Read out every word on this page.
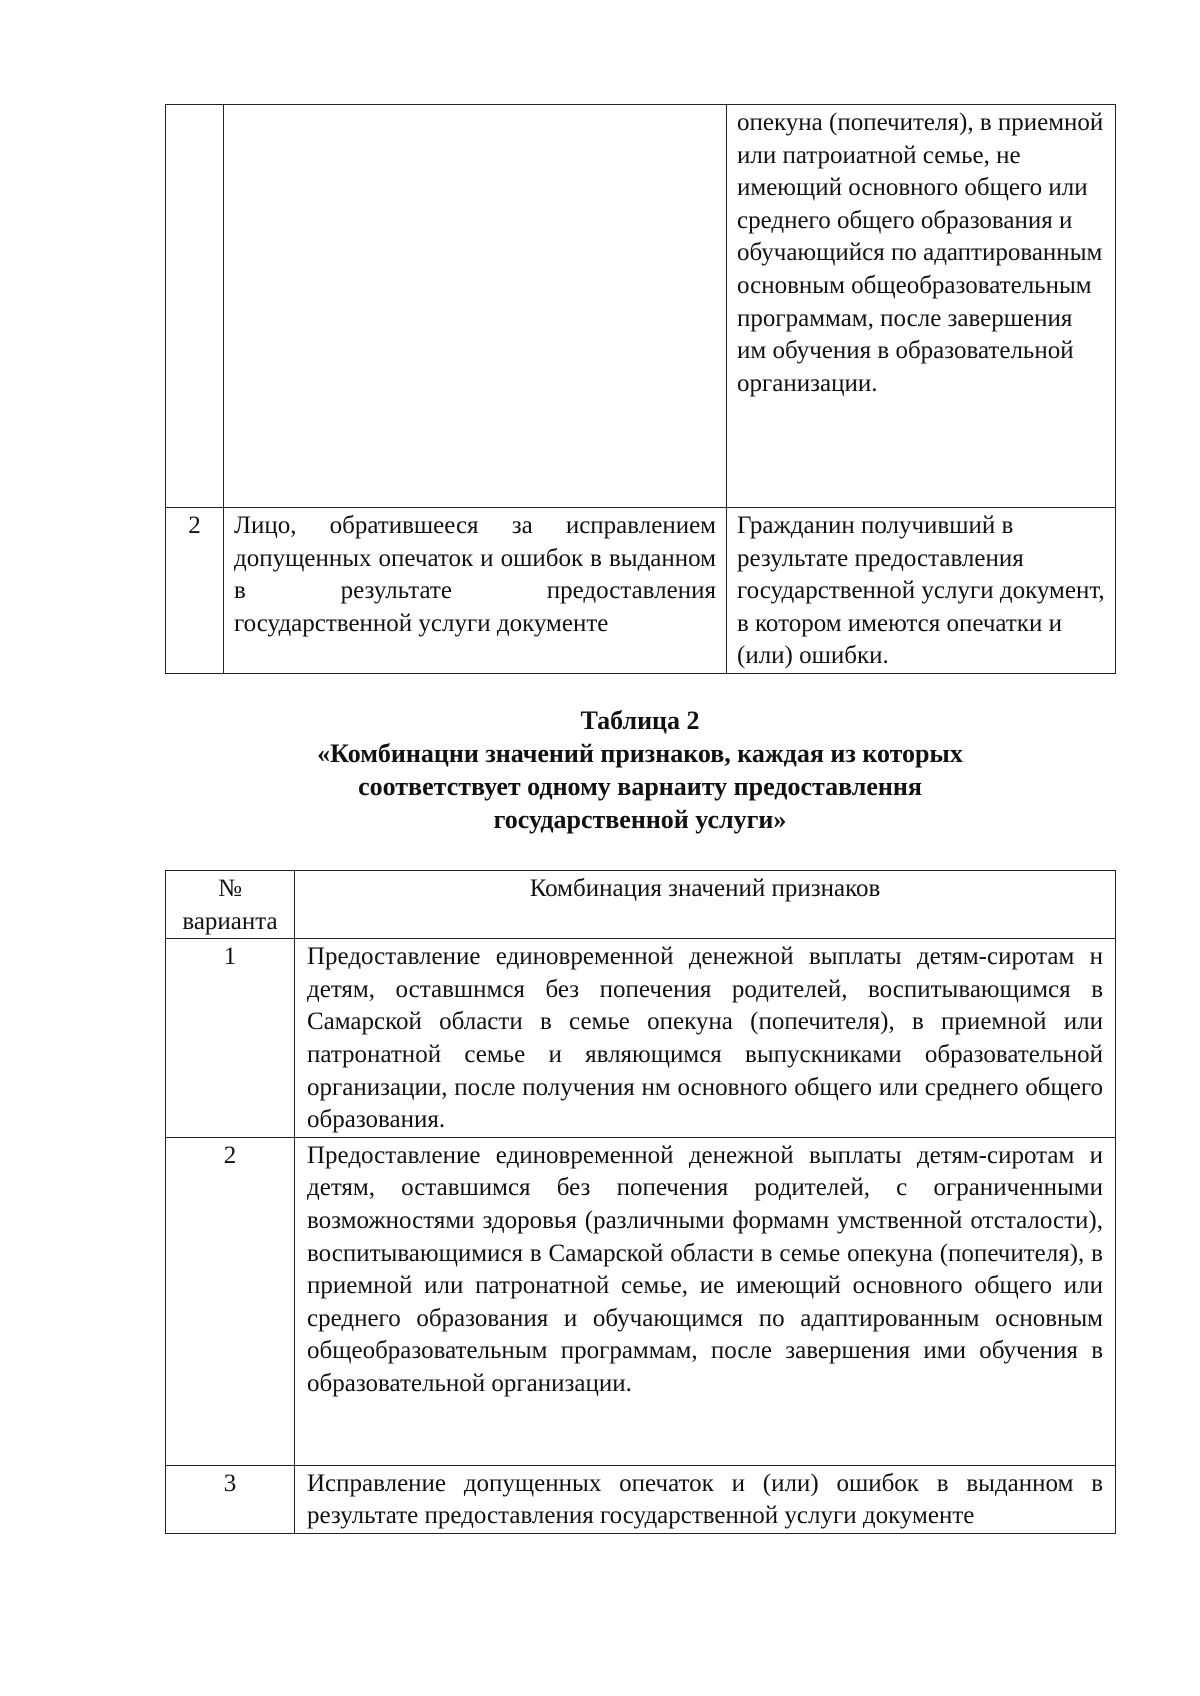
		опекуна (попечителя), в приемной или патроиатной семье, не имеющий основного общего или среднего общего образования и обучающийся по адаптированным основным общеобразовательным программам, после завершения им обучения в образовательной организации.
2	Лицо, обратившееся за исправлением допущенных опечаток и ошибок в выданном в результате предоставления государственной услуги документе	Гражданин получивший в результате предоставления государственной услуги документ, в котором имеются опечатки и (или) ошибки.
Таблица 2
«Комбинацни значений признаков, каждая из которых
соответствует одному варнаиту предоставлення
государственной услуги»
№ варианта	Комбинация значений признаков
1	Предоставление единовременной денежной выплаты детям-сиротам н детям, оставшнмся без попечения родителей, воспитывающимся в Самарской области в семье опекуна (попечителя), в приемной или патронатной семье и являющимся выпускниками образовательной организации, после получения нм основного общего или среднего общего образования.
2	Предоставление единовременной денежной выплаты детям-сиротам и детям, оставшимся без попечения родителей, с ограниченными возможностями здоровья (различными формамн умственной отсталости), воспитывающимися в Самарской области в семье опекуна (попечителя), в приемной или патронатной семье, ие имеющий основного общего или среднего образования и обучающимся по адаптированным основным общеобразовательным программам, после завершения ими обучения в образовательной организации.
3	Исправление допущенных опечаток и (или) ошибок в выданном в результате предоставления государственной услуги документе
